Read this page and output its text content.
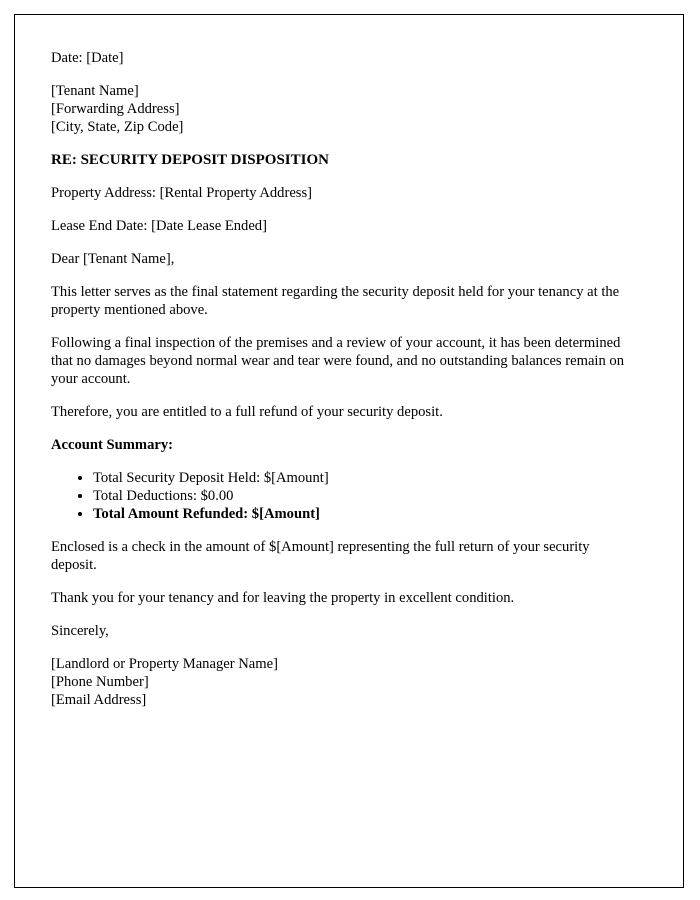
Date: [Date]

[Tenant Name]

[Forwarding Address]

[City, State, Zip Code]

RE: SECURITY DEPOSIT DISPOSITION

Property Address: [Rental Property Address]

Lease End Date: [Date Lease Ended]

Dear [Tenant Name],

This letter serves as the final statement regarding the security deposit held for your tenancy at the property mentioned above.

Following a final inspection of the premises and a review of your account, it has been determined that no damages beyond normal wear and tear were found, and no outstanding balances remain on your account.

Therefore, you are entitled to a full refund of your security deposit.

Account Summary:

• Total Security Deposit Held: $[Amount]
• Total Deductions: $0.00
• Total Amount Refunded: $[Amount]

Enclosed is a check in the amount of $[Amount] representing the full return of your security deposit.

Thank you for your tenancy and for leaving the property in excellent condition.

Sincerely,

[Landlord or Property Manager Name]

[Phone Number]

[Email Address]
